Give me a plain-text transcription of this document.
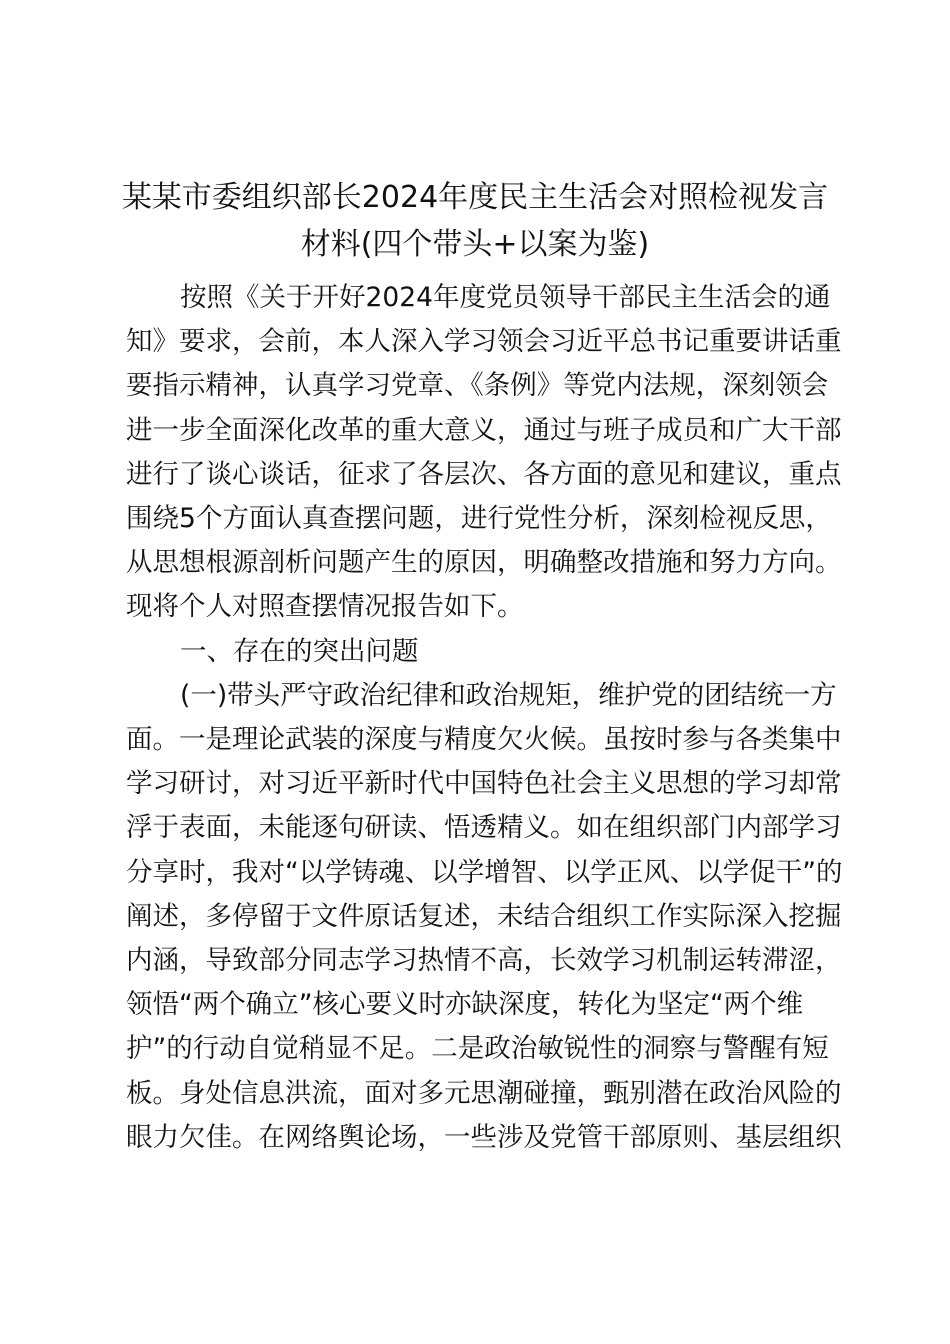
某某市委组织部长2024年度民主生活会对照检视发言
材料(四个带头+以案为鉴)

按照《关于开好2024年度党员领导干部民主生活会的通

知》要求，会前，本人深入学习领会习近平总书记重要讲话重

要指示精神，认真学习党章、《条例》等党内法规，深刻领会

进一步全面深化改革的重大意义，通过与班子成员和广大干部

进行了谈心谈话，征求了各层次、各方面的意见和建议，重点

围绕5个方面认真查摆问题，进行党性分析，深刻检视反思，

从思想根源剖析问题产生的原因，明确整改措施和努力方向。

现将个人对照查摆情况报告如下。

一、存在的突出问题

(一)带头严守政治纪律和政治规矩，维护党的团结统一方

面。一是理论武装的深度与精度欠火候。虽按时参与各类集中

学习研讨，对习近平新时代中国特色社会主义思想的学习却常

浮于表面，未能逐句研读、悟透精义。如在组织部门内部学习

分享时，我对“以学铸魂、以学增智、以学正风、以学促干”的

阐述，多停留于文件原话复述，未结合组织工作实际深入挖掘

内涵，导致部分同志学习热情不高，长效学习机制运转滞涩，

领悟“两个确立”核心要义时亦缺深度，转化为坚定“两个维

护”的行动自觉稍显不足。二是政治敏锐性的洞察与警醒有短

板。身处信息洪流，面对多元思潮碰撞，甄别潜在政治风险的

眼力欠佳。在网络舆论场，一些涉及党管干部原则、基层组织
